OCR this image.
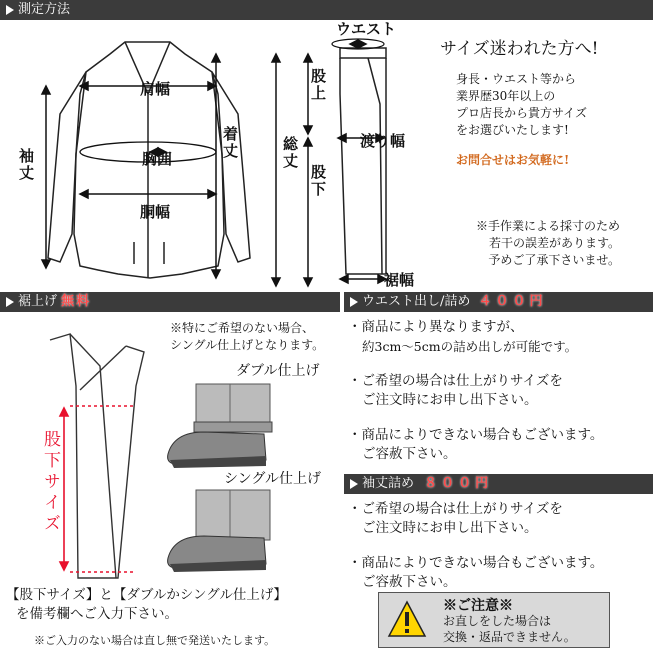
測定方法
肩幅
胸囲
胴幅
袖丈
着丈
ウエスト
股上
総丈
股下
渡り幅
裾幅
サイズ迷われた方へ!
身長・ウエスト等から
業界歴30年以上の
プロ店長から貴方サイズ
をお選びいたします!
お問合せはお気軽に!
※手作業による採寸のため
若干の誤差があります。
予めご了承下さいませ。
裾上げ 無料
股下サイズ
※特にご希望のない場合、
シングル仕上げとなります。
ダブル仕上げ
シングル仕上げ
【股下サイズ】と【ダブルかシングル仕上げ】
を備考欄へご入力下さい。
※ご入力のない場合は直し無で発送いたします。
ウエスト出し/詰め ４００円
・商品により異なりますが、
約3cm～5cmの詰め出しが可能です。
・ご希望の場合は仕上がりサイズを
ご注文時にお申し出下さい。
・商品によりできない場合もございます。
ご容赦下さい。
袖丈詰め ８００円
・ご希望の場合は仕上がりサイズを
ご注文時にお申し出下さい。
・商品によりできない場合もございます。
ご容赦下さい。
※ご注意※
お直しをした場合は
交換・返品できません。
